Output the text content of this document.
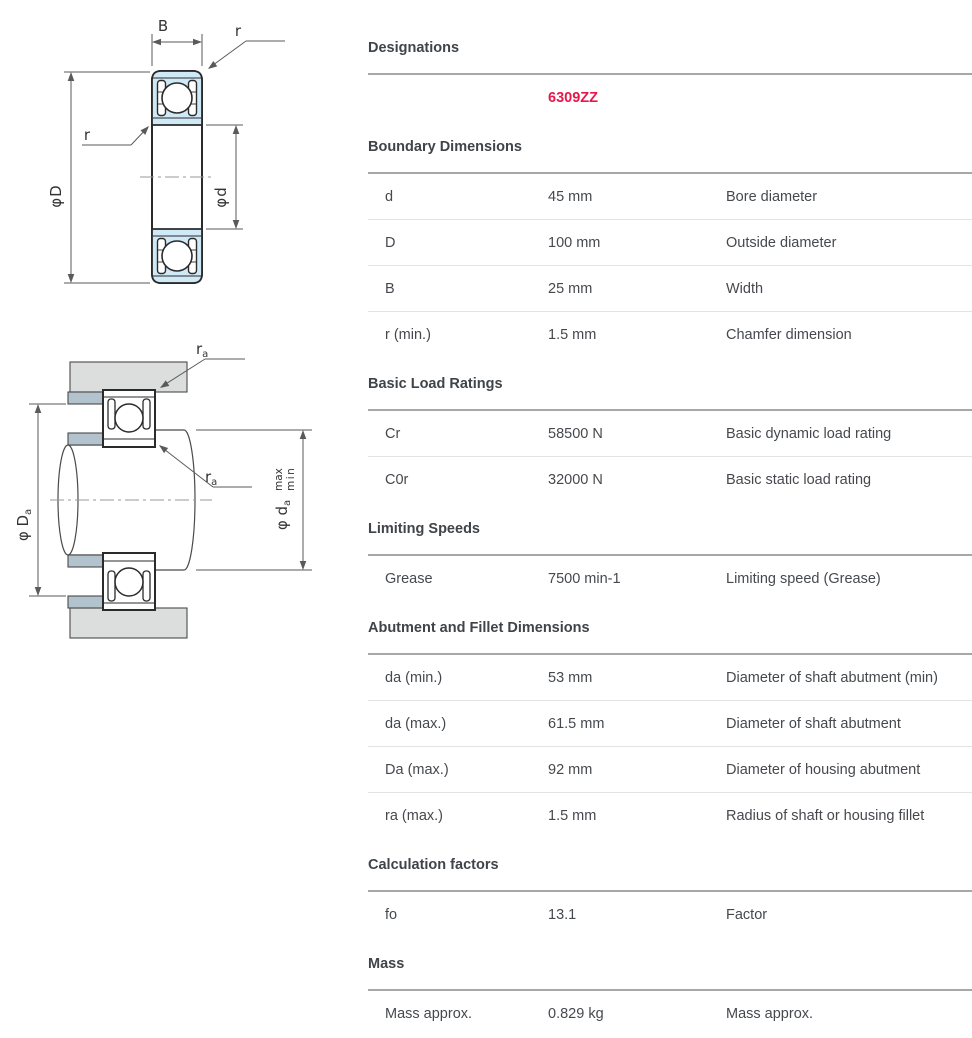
φD
B	r
r
φd
$r_a$
$r_a$
φ $D_a$	φ $d_a$
max min
Designations
6309ZZ
Boundary Dimensions
d	45 mm	Bore diameter
D	100 mm	Outside diameter
B	25 mm	Width
r (min.)	1.5 mm	Chamfer dimension
Basic Load Ratings
Cr	58500 N	Basic dynamic load rating
C0r	32000 N	Basic static load rating
Limiting Speeds
Grease	7500 min-1	Limiting speed (Grease)
Abutment and Fillet Dimensions
da (min.)	53 mm	Diameter of shaft abutment (min)
da (max.)	61.5 mm	Diameter of shaft abutment
Da (max.)	92 mm	Diameter of housing abutment
ra (max.)	1.5 mm	Radius of shaft or housing fillet
Calculation factors
fo	13.1	Factor
Mass
Mass approx.	0.829 kg	Mass approx.
